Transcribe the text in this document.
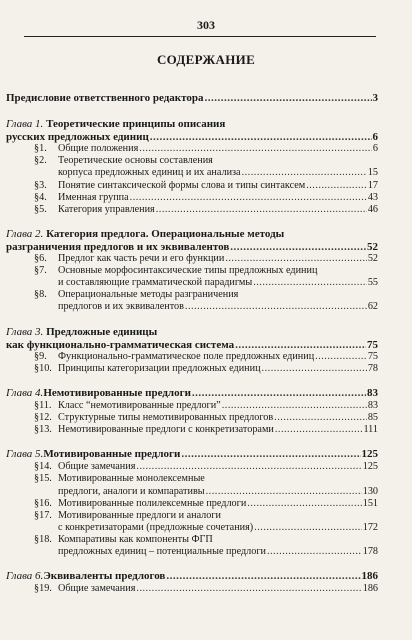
303
СОДЕРЖАНИЕ
Предисловие ответственного редактора .....	3
Глава 1. Теоретические принципы описания
русских предложных единиц .....	6
§1.	Общие положения .....	6
§2. Теоретические основы составления
корпуса предложных единиц и их анализа .....	15
§3.	Понятие синтаксической формы слова и типы синтаксем .....	17
§4.	Именная группа .....	43
§5.	Категория управления .....	46
Глава 2. Категория предлога. Операциональные методы
разграничения предлогов и их эквивалентов .....	52
§6.	Предлог как часть речи и его функции .....	52
§7. Основные морфосинтаксические типы предложных единиц
и составляющие грамматической парадигмы .....	55
§8. Операциональные методы разграничения
предлогов и их эквивалентов .....	62
Глава 3. Предложные единицы
как функционально-грамматическая система .....	75
§9.	Функционально-грамматическое поле предложных единиц .....	75
§10. Принципы категоризации предложных единиц .....	78
Глава 4. Немотивированные предлоги .....	83
§11. Класс “немотивированные предлоги” .....	83
§12. Структурные типы немотивированных предлогов .....	85
§13. Немотивированные предлоги с конкретизаторами .....	111
Глава 5. Мотивированные предлоги .....	125
§14. Общие замечания .....	125
§15. Мотивированные монолексемные
предлоги, аналоги и компаративы .....	130
§16. Мотивированные полилексемные предлоги .....	151
§17. Мотивированные предлоги и аналоги
с конкретизаторами (предложные сочетания) .....	172
§18. Компаративы как компоненты ФГП
предложных единиц – потенциальные предлоги .....	178
Глава 6. Эквиваленты предлогов .....	186
§19. Общие замечания .....	186
